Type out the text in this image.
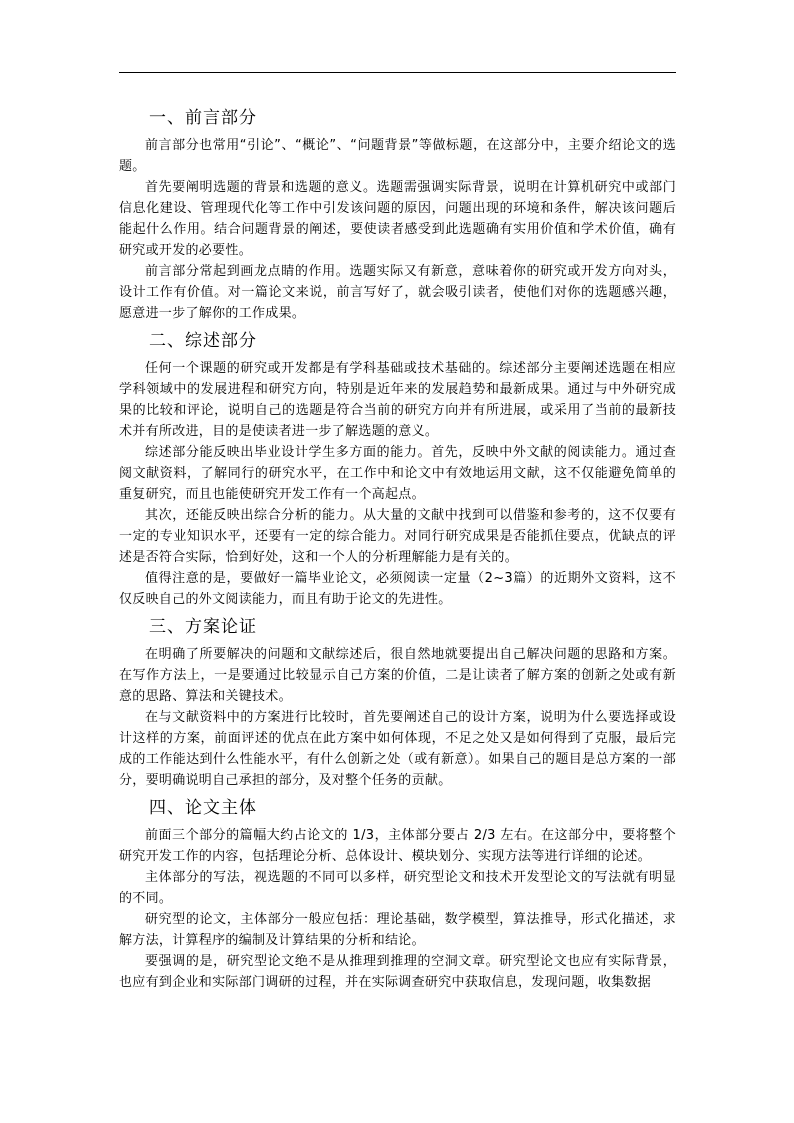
一、前言部分

前言部分也常用“引论”、“概论”、“问题背景”等做标题，在这部分中，主要介绍论文的选题。

首先要阐明选题的背景和选题的意义。选题需强调实际背景，说明在计算机研究中或部门信息化建设、管理现代化等工作中引发该问题的原因，问题出现的环境和条件，解决该问题后能起什么作用。结合问题背景的阐述，要使读者感受到此选题确有实用价值和学术价值，确有研究或开发的必要性。

前言部分常起到画龙点睛的作用。选题实际又有新意，意味着你的研究或开发方向对头，设计工作有价值。对一篇论文来说，前言写好了，就会吸引读者，使他们对你的选题感兴趣，愿意进一步了解你的工作成果。

二、综述部分

任何一个课题的研究或开发都是有学科基础或技术基础的。综述部分主要阐述选题在相应学科领域中的发展进程和研究方向，特别是近年来的发展趋势和最新成果。通过与中外研究成果的比较和评论，说明自己的选题是符合当前的研究方向并有所进展，或采用了当前的最新技术并有所改进，目的是使读者进一步了解选题的意义。

综述部分能反映出毕业设计学生多方面的能力。首先，反映中外文献的阅读能力。通过查阅文献资料，了解同行的研究水平，在工作中和论文中有效地运用文献，这不仅能避免简单的重复研究，而且也能使研究开发工作有一个高起点。

其次，还能反映出综合分析的能力。从大量的文献中找到可以借鉴和参考的，这不仅要有一定的专业知识水平，还要有一定的综合能力。对同行研究成果是否能抓住要点，优缺点的评述是否符合实际，恰到好处，这和一个人的分析理解能力是有关的。

值得注意的是，要做好一篇毕业论文，必须阅读一定量（2~3篇）的近期外文资料，这不仅反映自己的外文阅读能力，而且有助于论文的先进性。

三、方案论证

在明确了所要解决的问题和文献综述后，很自然地就要提出自己解决问题的思路和方案。在写作方法上，一是要通过比较显示自己方案的价值，二是让读者了解方案的创新之处或有新意的思路、算法和关键技术。

在与文献资料中的方案进行比较时，首先要阐述自己的设计方案，说明为什么要选择或设计这样的方案，前面评述的优点在此方案中如何体现，不足之处又是如何得到了克服，最后完成的工作能达到什么性能水平，有什么创新之处（或有新意）。如果自己的题目是总方案的一部分，要明确说明自己承担的部分，及对整个任务的贡献。

四、论文主体

前面三个部分的篇幅大约占论文的 1/3，主体部分要占 2/3 左右。在这部分中，要将整个研究开发工作的内容，包括理论分析、总体设计、模块划分、实现方法等进行详细的论述。

主体部分的写法，视选题的不同可以多样，研究型论文和技术开发型论文的写法就有明显的不同。

研究型的论文，主体部分一般应包括：理论基础，数学模型，算法推导，形式化描述，求解方法，计算程序的编制及计算结果的分析和结论。

要强调的是，研究型论文绝不是从推理到推理的空洞文章。研究型论文也应有实际背景，也应有到企业和实际部门调研的过程，并在实际调查研究中获取信息，发现问题，收集数据
